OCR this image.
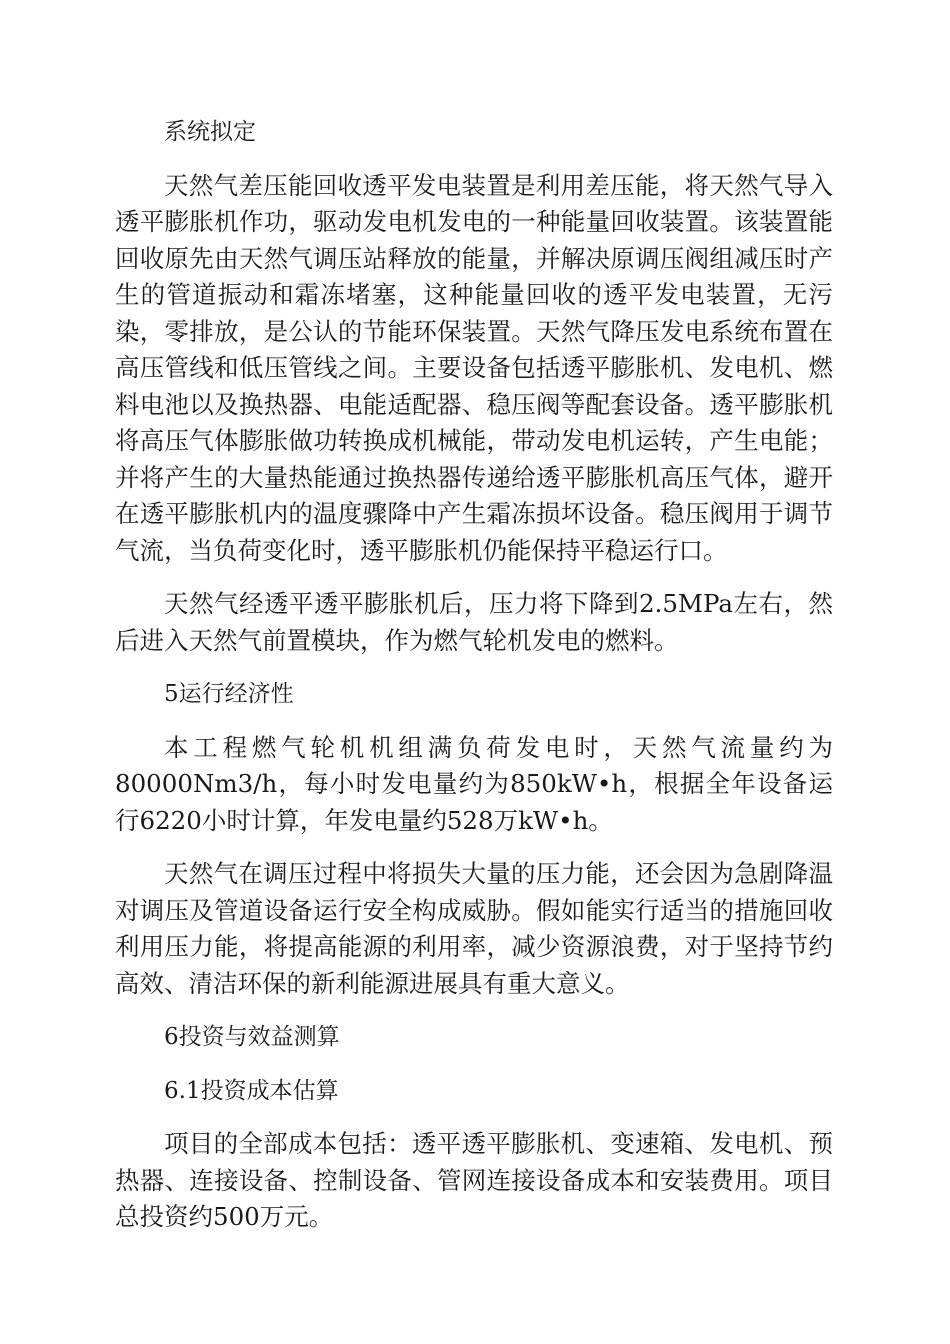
系统拟定

天然气差压能回收透平发电装置是利用差压能，将天然气导入透平膨胀机作功，驱动发电机发电的一种能量回收装置。该装置能回收原先由天然气调压站释放的能量，并解决原调压阀组减压时产生的管道振动和霜冻堵塞，这种能量回收的透平发电装置，无污染，零排放，是公认的节能环保装置。天然气降压发电系统布置在高压管线和低压管线之间。主要设备包括透平膨胀机、发电机、燃料电池以及换热器、电能适配器、稳压阀等配套设备。透平膨胀机将高压气体膨胀做功转换成机械能，带动发电机运转，产生电能；并将产生的大量热能通过换热器传递给透平膨胀机高压气体，避开在透平膨胀机内的温度骤降中产生霜冻损坏设备。稳压阀用于调节气流，当负荷变化时，透平膨胀机仍能保持平稳运行口。

天然气经透平透平膨胀机后，压力将下降到2.5MPa左右，然后进入天然气前置模块，作为燃气轮机发电的燃料。

5运行经济性

本工程燃气轮机机组满负荷发电时，天然气流量约为80000Nm3/h，每小时发电量约为850kW•h，根据全年设备运行6220小时计算，年发电量约528万kW•h。

天然气在调压过程中将损失大量的压力能，还会因为急剧降温对调压及管道设备运行安全构成威胁。假如能实行适当的措施回收利用压力能，将提高能源的利用率，减少资源浪费，对于坚持节约高效、清洁环保的新利能源进展具有重大意义。

6投资与效益测算

6.1投资成本估算

项目的全部成本包括：透平透平膨胀机、变速箱、发电机、预热器、连接设备、控制设备、管网连接设备成本和安装费用。项目总投资约500万元。
